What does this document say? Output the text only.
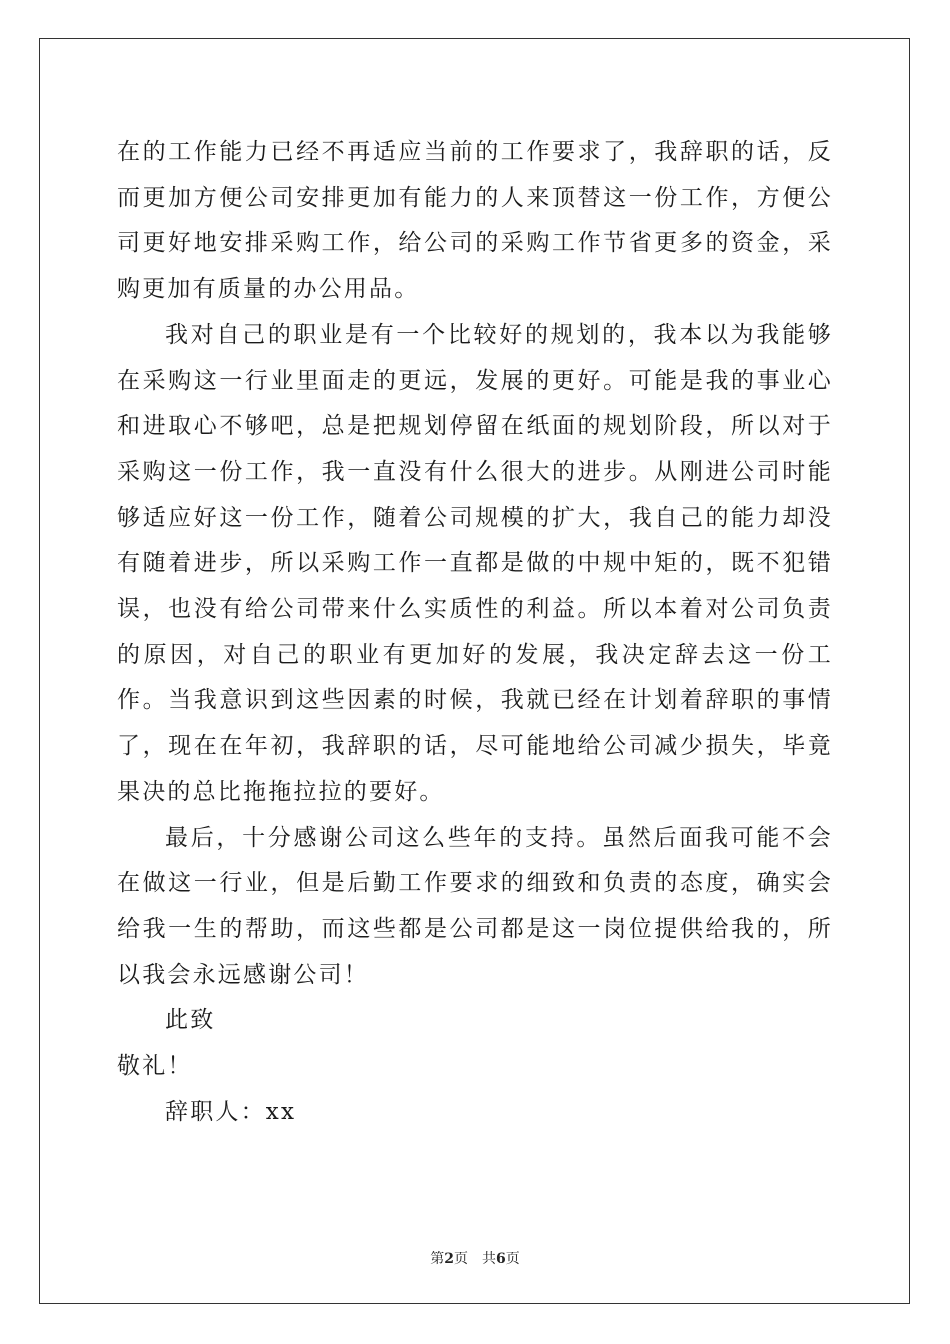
在的工作能力已经不再适应当前的工作要求了，我辞职的话，反而更加方便公司安排更加有能力的人来顶替这一份工作，方便公司更好地安排采购工作，给公司的采购工作节省更多的资金，采购更加有质量的办公用品。

我对自己的职业是有一个比较好的规划的，我本以为我能够在采购这一行业里面走的更远，发展的更好。可能是我的事业心和进取心不够吧，总是把规划停留在纸面的规划阶段，所以对于采购这一份工作，我一直没有什么很大的进步。从刚进公司时能够适应好这一份工作，随着公司规模的扩大，我自己的能力却没有随着进步，所以采购工作一直都是做的中规中矩的，既不犯错误，也没有给公司带来什么实质性的利益。所以本着对公司负责的原因，对自己的职业有更加好的发展，我决定辞去这一份工作。当我意识到这些因素的时候，我就已经在计划着辞职的事情了，现在在年初，我辞职的话，尽可能地给公司减少损失，毕竟果决的总比拖拖拉拉的要好。

最后，十分感谢公司这么些年的支持。虽然后面我可能不会在做这一行业，但是后勤工作要求的细致和负责的态度，确实会给我一生的帮助，而这些都是公司都是这一岗位提供给我的，所以我会永远感谢公司！

此致

敬礼！

辞职人：xx

第2页 共6页
